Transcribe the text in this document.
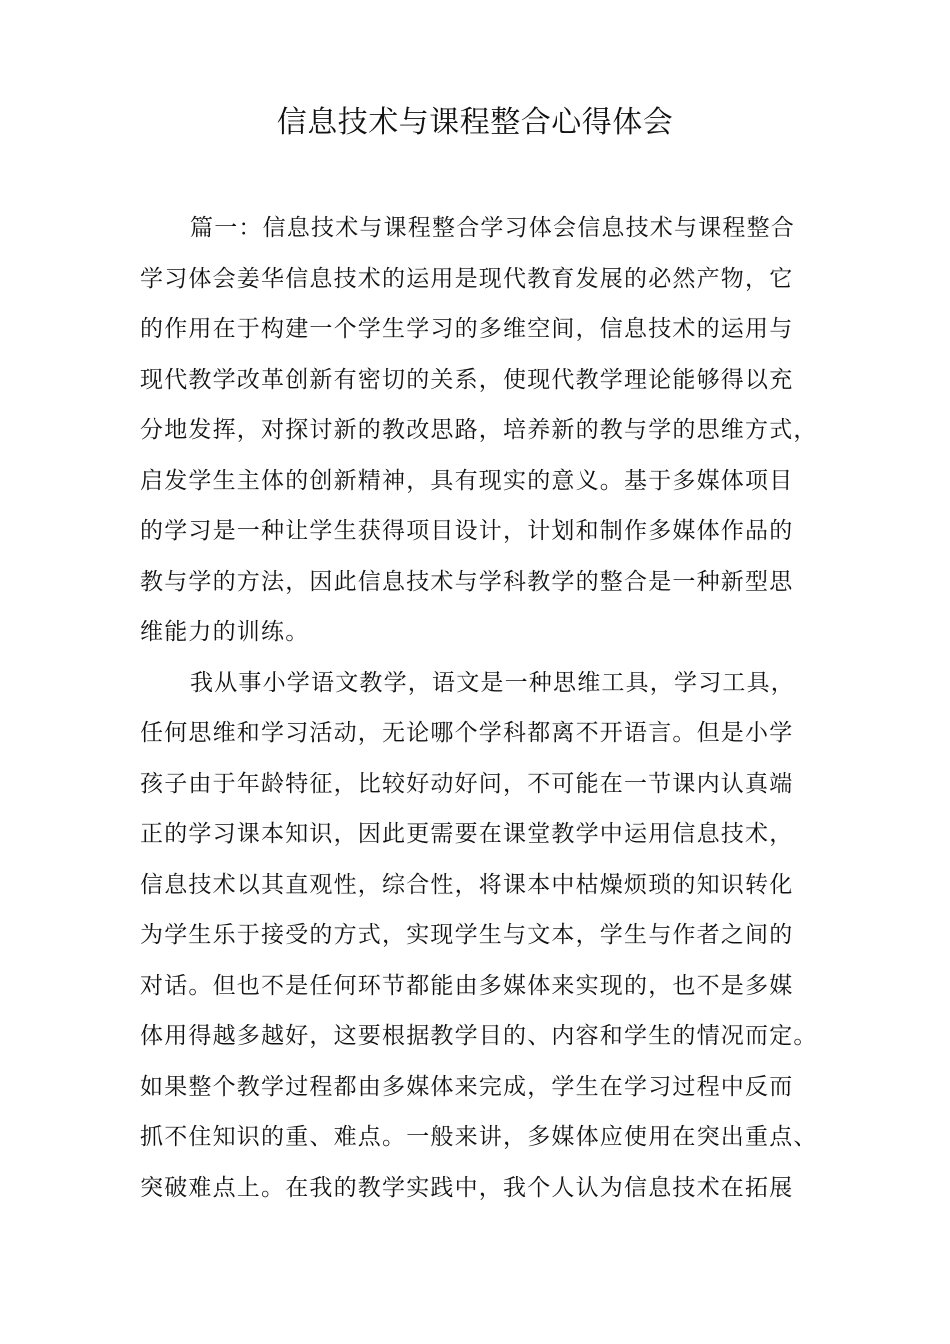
信息技术与课程整合心得体会
篇一：信息技术与课程整合学习体会信息技术与课程整合
学习体会姜华信息技术的运用是现代教育发展的必然产物，它
的作用在于构建一个学生学习的多维空间，信息技术的运用与
现代教学改革创新有密切的关系，使现代教学理论能够得以充
分地发挥，对探讨新的教改思路，培养新的教与学的思维方式，
启发学生主体的创新精神，具有现实的意义。基于多媒体项目
的学习是一种让学生获得项目设计，计划和制作多媒体作品的
教与学的方法，因此信息技术与学科教学的整合是一种新型思
维能力的训练。
我从事小学语文教学，语文是一种思维工具，学习工具，
任何思维和学习活动，无论哪个学科都离不开语言。但是小学
孩子由于年龄特征，比较好动好问，不可能在一节课内认真端
正的学习课本知识，因此更需要在课堂教学中运用信息技术，
信息技术以其直观性，综合性，将课本中枯燥烦琐的知识转化
为学生乐于接受的方式，实现学生与文本，学生与作者之间的
对话。但也不是任何环节都能由多媒体来实现的，也不是多媒
体用得越多越好，这要根据教学目的、内容和学生的情况而定。
如果整个教学过程都由多媒体来完成，学生在学习过程中反而
抓不住知识的重、难点。一般来讲，多媒体应使用在突出重点、
突破难点上。在我的教学实践中，我个人认为信息技术在拓展
